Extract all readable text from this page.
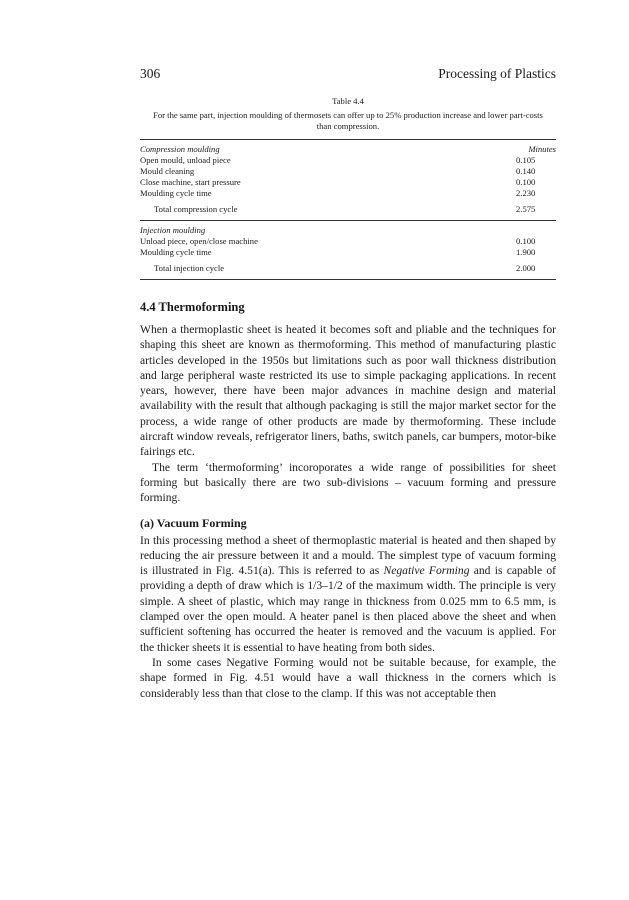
306	Processing of Plastics
Table 4.4
For the same part, injection moulding of thermosets can offer up to 25% production increase and lower part-costs than compression.
Compression moulding	Minutes
Open mould, unload piece	0.105
Mould cleaning	0.140
Close machine, start pressure	0.100
Moulding cycle time	2.230
Total compression cycle	2.575
Injection moulding
Unload piece, open/close machine	0.100
Moulding cycle time	1.900
Total injection cycle	2.000
4.4 Thermoforming

When a thermoplastic sheet is heated it becomes soft and pliable and the techniques for shaping this sheet are known as thermoforming. This method of manufacturing plastic articles developed in the 1950s but limitations such as poor wall thickness distribution and large peripheral waste restricted its use to simple packaging applications. In recent years, however, there have been major advances in machine design and material availability with the result that although packaging is still the major market sector for the process, a wide range of other products are made by thermoforming. These include aircraft window reveals, refrigerator liners, baths, switch panels, car bumpers, motor-bike fairings etc.

The term ‘thermoforming’ incoroporates a wide range of possibilities for sheet forming but basically there are two sub-divisions – vacuum forming and pressure forming.

(a) Vacuum Forming

In this processing method a sheet of thermoplastic material is heated and then shaped by reducing the air pressure between it and a mould. The simplest type of vacuum forming is illustrated in Fig. 4.51(a). This is referred to as Negative Forming and is capable of providing a depth of draw which is 1/3–1/2 of the maximum width. The principle is very simple. A sheet of plastic, which may range in thickness from 0.025 mm to 6.5 mm, is clamped over the open mould. A heater panel is then placed above the sheet and when sufficient softening has occurred the heater is removed and the vacuum is applied. For the thicker sheets it is essential to have heating from both sides.

In some cases Negative Forming would not be suitable because, for example, the shape formed in Fig. 4.51 would have a wall thickness in the corners which is considerably less than that close to the clamp. If this was not acceptable then
